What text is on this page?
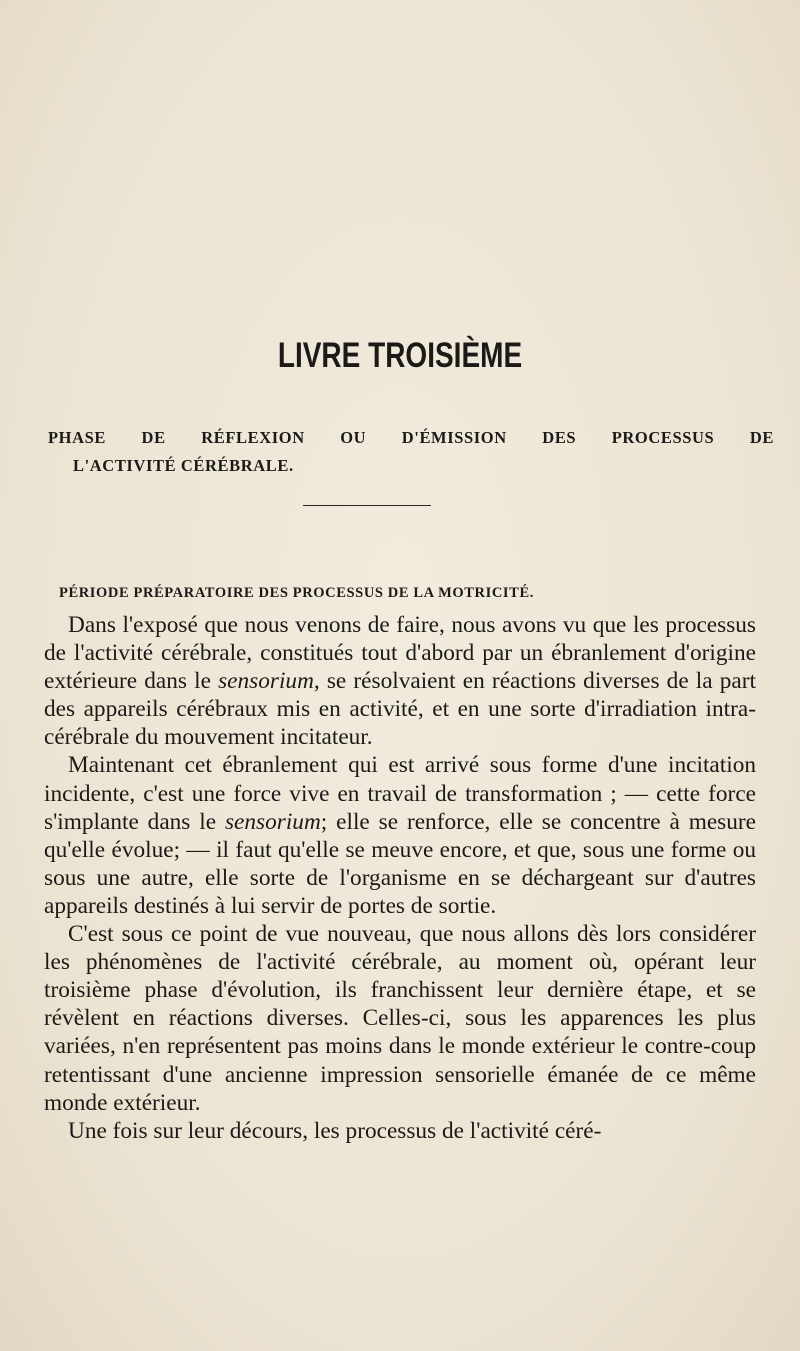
LIVRE TROISIÈME
PHASE DE RÉFLEXION OU D'ÉMISSION DES PROCESSUS DE
L'ACTIVITÉ CÉRÉBRALE.
PÉRIODE PRÉPARATOIRE DES PROCESSUS DE LA MOTRICITÉ.

Dans l'exposé que nous venons de faire, nous avons vu que les processus de l'activité cérébrale, constitués tout d'abord par un ébranlement d'origine extérieure dans le sensorium, se résolvaient en réactions diverses de la part des appareils cérébraux mis en activité, et en une sorte d'irradiation intra-cérébrale du mouvement incitateur.

Maintenant cet ébranlement qui est arrivé sous forme d'une incitation incidente, c'est une force vive en travail de transformation ; — cette force s'implante dans le sensorium; elle se renforce, elle se concentre à mesure qu'elle évolue; — il faut qu'elle se meuve encore, et que, sous une forme ou sous une autre, elle sorte de l'organisme en se déchargeant sur d'autres appareils destinés à lui servir de portes de sortie.

C'est sous ce point de vue nouveau, que nous allons dès lors considérer les phénomènes de l'activité cérébrale, au moment où, opérant leur troisième phase d'évolution, ils franchissent leur dernière étape, et se révèlent en réactions diverses. Celles-ci, sous les apparences les plus variées, n'en représentent pas moins dans le monde extérieur le contre-coup retentissant d'une ancienne impression sensorielle émanée de ce même monde extérieur.

Une fois sur leur décours, les processus de l'activité céré-
